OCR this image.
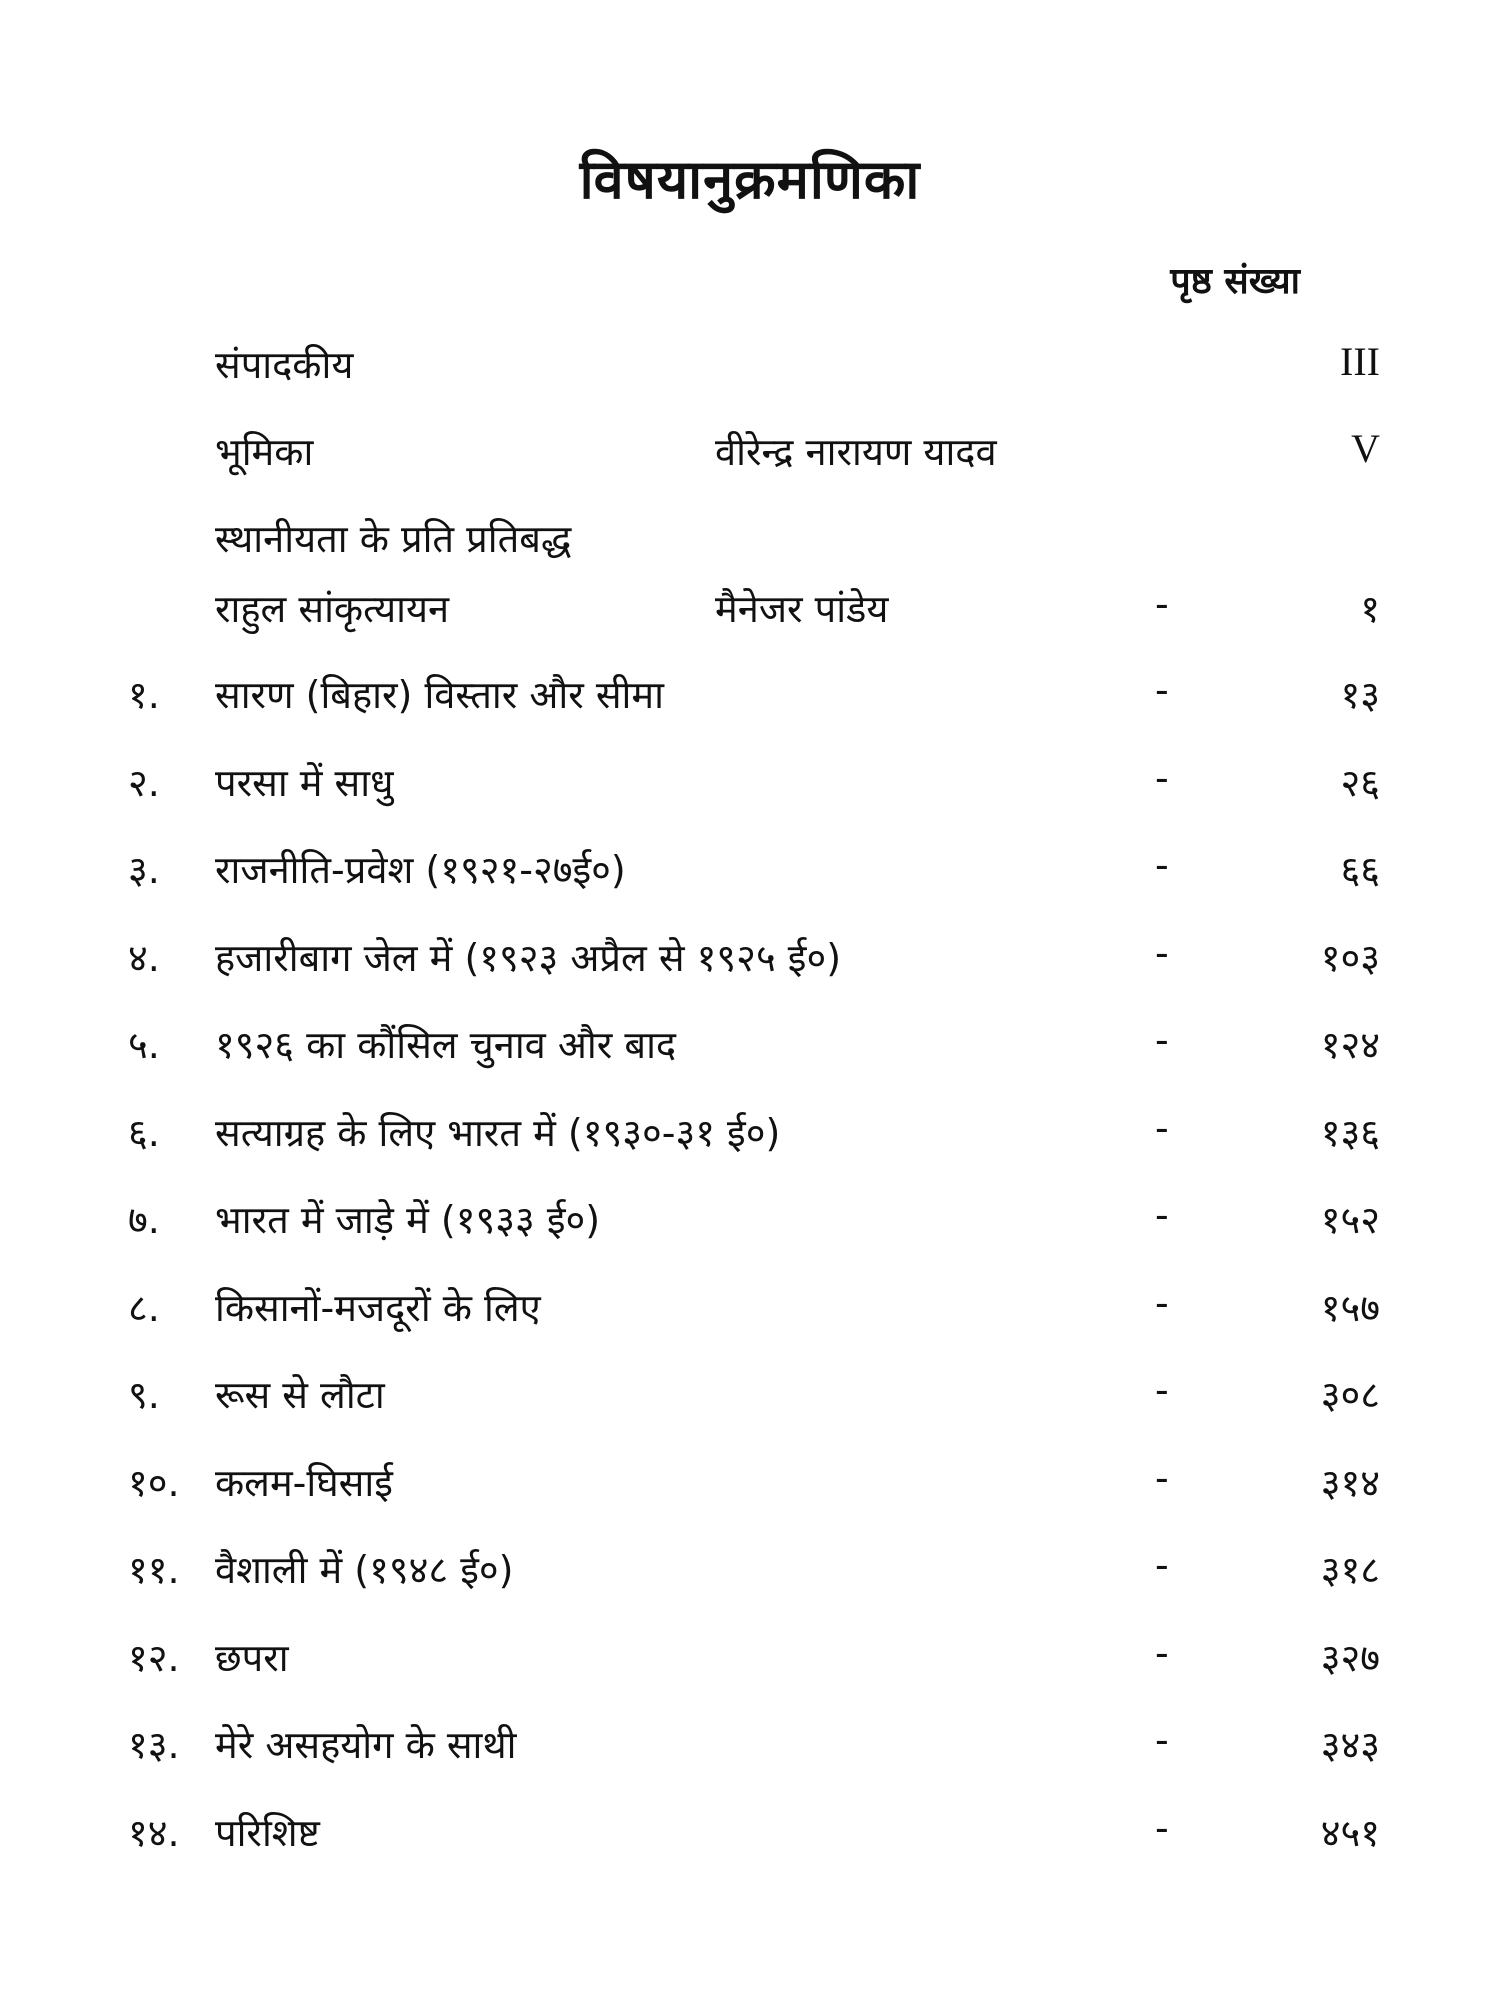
विषयानुक्रमणिका
पृष्ठ संख्या
संपादकीय	III
भूमिका	वीरेन्द्र नारायण यादव	V
स्थानीयता के प्रति प्रतिबद्ध
राहुल सांकृत्यायन	मैनेजर पांडेय	-	१
१. सारण (बिहार) विस्तार और सीमा	-	१३
२. परसा में साधु	-	२६
३. राजनीति-प्रवेश (१९२१-२७ई०)	-	६६
४. हजारीबाग जेल में (१९२३ अप्रैल से १९२५ ई०)	-	१०३
५. १९२६ का कौंसिल चुनाव और बाद	-	१२४
६. सत्याग्रह के लिए भारत में (१९३०-३१ ई०)	-	१३६
७. भारत में जाड़े में (१९३३ ई०)	-	१५२
८. किसानों-मजदूरों के लिए	-	१५७
९. रूस से लौटा	-	३०८
१०. कलम-घिसाई	-	३१४
११. वैशाली में (१९४८ ई०)	-	३१८
१२. छपरा	-	३२७
१३. मेरे असहयोग के साथी	-	३४३
१४. परिशिष्ट	-	४५१
